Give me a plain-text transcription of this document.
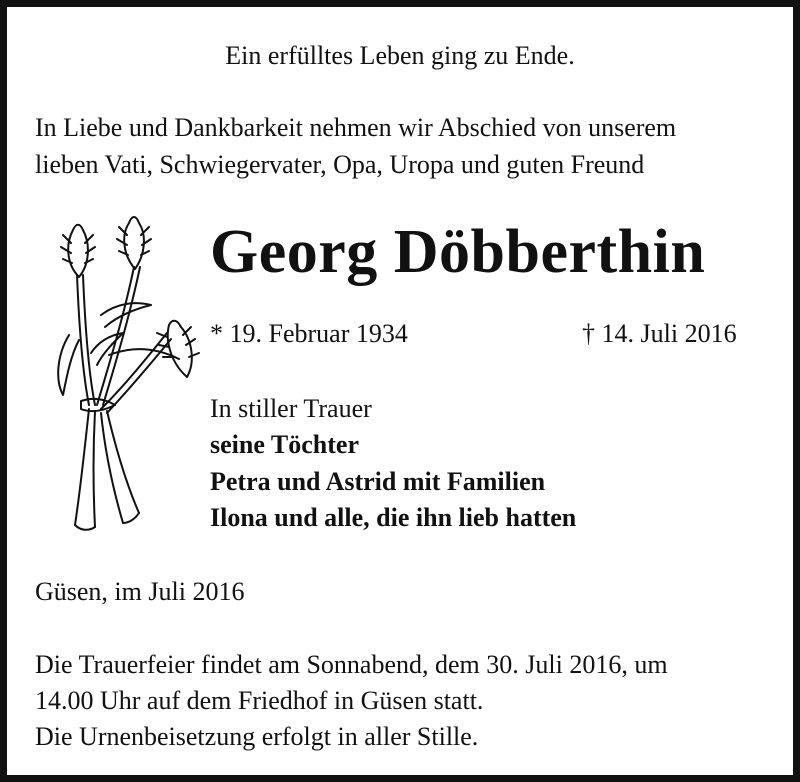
Ein erfülltes Leben ging zu Ende.
In Liebe und Dankbarkeit nehmen wir Abschied von unserem
lieben Vati, Schwiegervater, Opa, Uropa und guten Freund
Georg Döbberthin
* 19. Februar 1934	† 14. Juli 2016
In stiller Trauer
seine Töchter
Petra und Astrid mit Familien
Ilona und alle, die ihn lieb hatten
Güsen, im Juli 2016
Die Trauerfeier findet am Sonnabend, dem 30. Juli 2016, um
14.00 Uhr auf dem Friedhof in Güsen statt.
Die Urnenbeisetzung erfolgt in aller Stille.
